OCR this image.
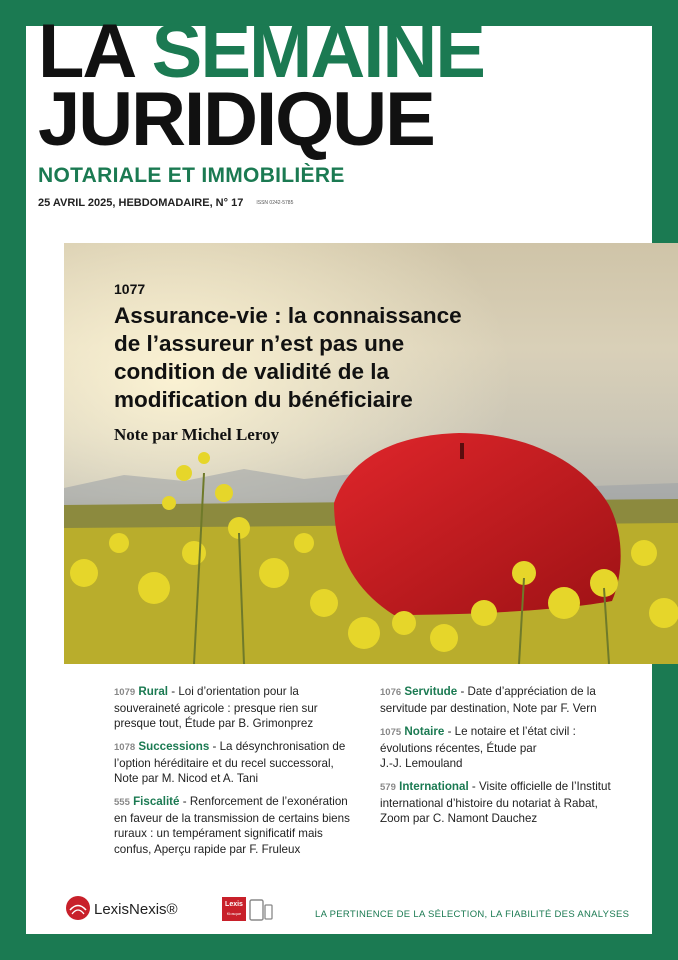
LA SEMAINE
JURIDIQUE
NOTARIALE ET IMMOBILIÈRE
25 AVRIL 2025, HEBDOMADAIRE, N° 17	ISSN 0242-5785
1077
Assurance-vie : la connaissance
de l’assureur n’est pas une
condition de validité de la
modification du bénéficiaire
Note par Michel Leroy
1079 Rural - Loi d’orientation pour la
souveraineté agricole : presque rien sur
presque tout, Étude par B. Grimonprez
1078 Successions - La désynchronisation de
l’option héréditaire et du recel successoral,
Note par M. Nicod et A. Tani
555 Fiscalité - Renforcement de l’exonération
en faveur de la transmission de certains biens
ruraux : un tempérament significatif mais
confus, Aperçu rapide par F. Fruleux
1076 Servitude - Date d’appréciation de la
servitude par destination, Note par F. Vern
1075 Notaire - Le notaire et l’état civil :
évolutions récentes, Étude par
J.-J. Lemouland
579 International - Visite officielle de l’Institut
international d’histoire du notariat à Rabat,
Zoom par C. Namont Dauchez
LexisNexis®	Lexis
Kiosque	LA PERTINENCE DE LA SÉLECTION, LA FIABILITÉ DES ANALYSES
